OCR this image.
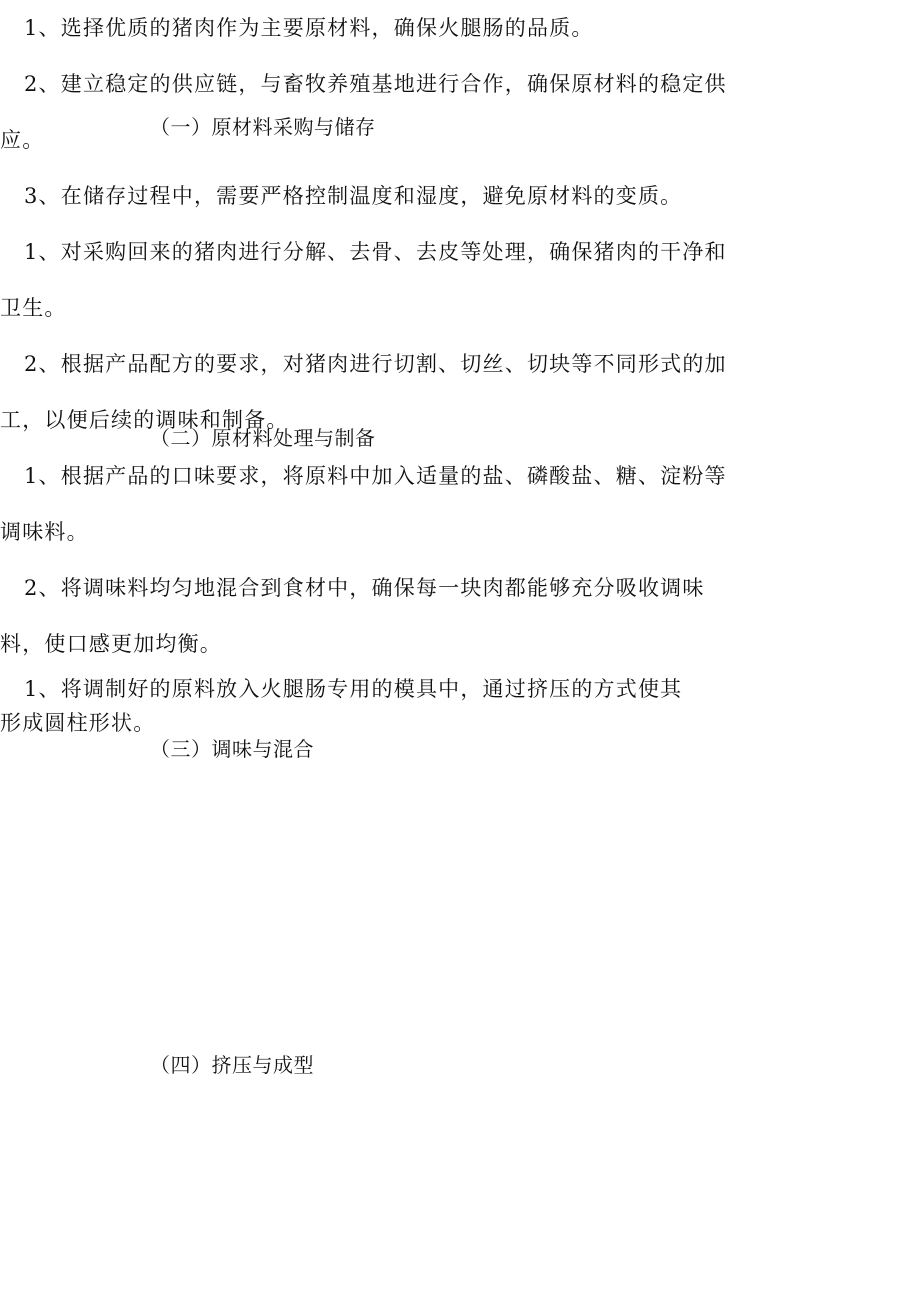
（一）原材料采购与储存
1、选择优质的猪肉作为主要原材料，确保火腿肠的品质。
2、建立稳定的供应链，与畜牧养殖基地进行合作，确保原材料的稳定供应。
3、在储存过程中，需要严格控制温度和湿度，避免原材料的变质。
（二）原材料处理与制备
1、对采购回来的猪肉进行分解、去骨、去皮等处理，确保猪肉的干净和卫生。
2、根据产品配方的要求，对猪肉进行切割、切丝、切块等不同形式的加工，以便后续的调味和制备。
（三）调味与混合
1、根据产品的口味要求，将原料中加入适量的盐、磷酸盐、糖、淀粉等调味料。
2、将调味料均匀地混合到食材中，确保每一块肉都能够充分吸收调味料，使口感更加均衡。
（四）挤压与成型
1、将调制好的原料放入火腿肠专用的模具中，通过挤压的方式使其形成圆柱形状。
